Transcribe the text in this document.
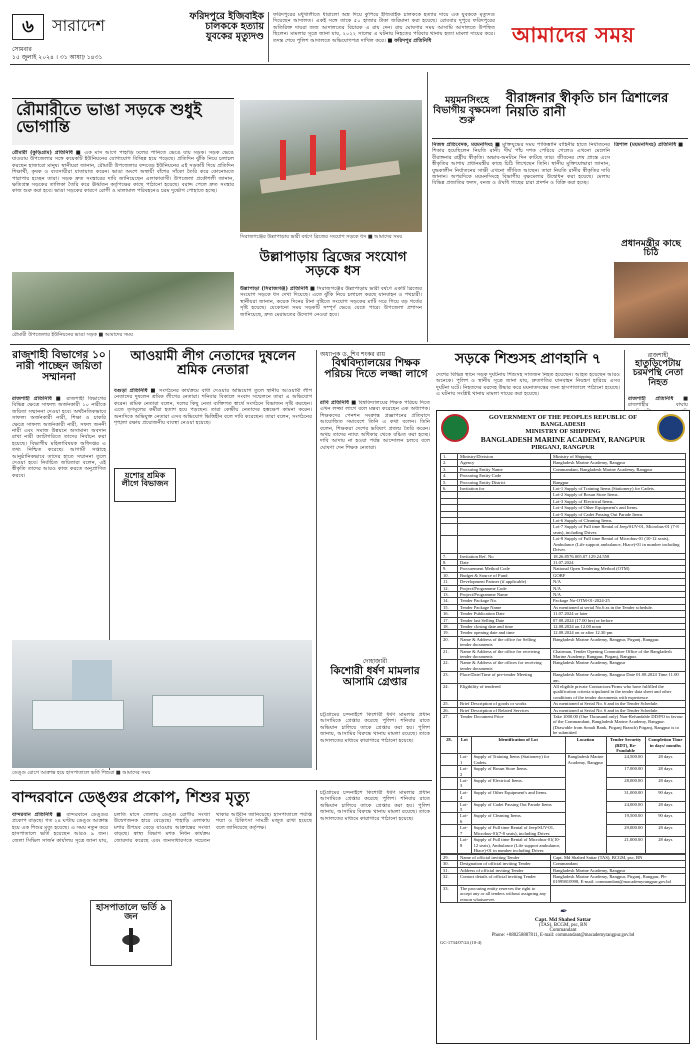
৬ সারাদেশ
সোমবার
১৫ জুলাই ২০২৪ । ৩১ আষাঢ় ১৪৩১
ফরিদপুরে ইজিবাইক চালককে হত্যায় যুবকের মৃত্যুদণ্ড
ফরিদপুরের মধুখালীতে ধারালো অস্ত্র দিয়ে কুপিয়ে ইজিবাইক চালককে হত্যার দায়ে এক যুবককে মৃত্যুদণ্ড দিয়েছেন আদালত। একই সঙ্গে তাকে ৫০ হাজার টাকা জরিমানা করা হয়েছে। রোববার দুপুরে ফরিদপুরের অতিরিক্ত দায়রা জজ আদালতের বিচারক এ রায় দেন। রায় ঘোষণার সময় আসামি আদালতে উপস্থিত ছিলেন। মামলার সূত্রে জানা যায়, ২০২২ সালের এ ঘটনায় নিহতের পরিবার থানায় হত্যা মামলা দায়ের করে। তদন্ত শেষে পুলিশ আদালতে অভিযোগপত্র দাখিল করে। ■ ফরিদপুর প্রতিনিধি	আমাদের সময়
রৌমারীতে ভাঙা সড়কে শুধুই ভোগান্তি
রৌমারী (কুড়িগ্রাম) প্রতিনিধি ■ এক মাস আগে পাহাড়ি ঢলের পানিতে ভেঙে যায় সড়ক। সড়ক ভেঙে যাওয়ায় উপজেলার সঙ্গে কয়েকটি ইউনিয়নের যোগাযোগ বিচ্ছিন্ন হয়ে পড়েছে। প্রতিদিন ঝুঁকি নিয়ে চলাচল করছেন হাজারো মানুষ। স্থানীয়রা জানান, রৌমারী উপজেলার বন্দবেড় ইউনিয়নের এই সড়কটি দিয়ে প্রতিদিন শিক্ষার্থী, কৃষক ও ব্যবসায়ীরা যাতায়াত করেন। ভাঙা অংশে অস্থায়ী বাঁশের সাঁকো তৈরি করে কোনোমতে পারাপার হচ্ছেন তারা। সড়ক দ্রুত সংস্কারের দাবি জানিয়েছেন এলাকাবাসী। উপজেলা প্রকৌশলী জানান, ক্ষতিগ্রস্ত সড়কের তালিকা তৈরি করে ঊর্ধ্বতন কর্তৃপক্ষের কাছে পাঠানো হয়েছে। বরাদ্দ পেলে দ্রুত সংস্কার কাজ শুরু করা হবে। ভাঙা সড়কের কারণে রোগী ও মালামাল পরিবহনেও চরম দুর্ভোগ পোহাতে হচ্ছে।
রৌমারী উপজেলার ইউনিয়নের ভাঙা সড়ক ■ আমাদের সময়
সিরাজগঞ্জের উল্লাপাড়ায় ভারী বর্ষণে ব্রিজের সংযোগ সড়কে ধস ■ আমাদের সময়
উল্লাপাড়ায় ব্রিজের সংযোগ সড়কে ধস
উল্লাপাড়া (সিরাজগঞ্জ) প্রতিনিধি ■ সিরাজগঞ্জের উল্লাপাড়ায় ভারী বর্ষণে একটি ব্রিজের সংযোগ সড়কে ধস দেখা দিয়েছে। এতে ঝুঁকি নিয়ে চলাচল করছে যানবাহন ও পথচারী। স্থানীয়রা জানান, কয়েক দিনের টানা বৃষ্টিতে সংযোগ সড়কের মাটি সরে গিয়ে বড় গর্তের সৃষ্টি হয়েছে। যেকোনো সময় সড়কটি সম্পূর্ণ ভেঙে যেতে পারে। উপজেলা প্রশাসন জানিয়েছে, দ্রুত মেরামতের উদ্যোগ নেওয়া হবে।
ময়মনসিংহে বিভাগীয় বৃক্ষমেলা শুরু
বীরাঙ্গনার স্বীকৃতি চান ত্রিশালের নিয়তি রানী
নিজস্ব প্রতিবেদক, ময়মনসিংহ ■ মুক্তিযুদ্ধের সময় পাকিস্তানি বাহিনীর হাতে নির্যাতনের শিকার হয়েছিলেন নিয়তি রানী। দীর্ঘ পাঁচ দশক পেরিয়ে গেলেও এখনো মেলেনি বীরাঙ্গনার রাষ্ট্রীয় স্বীকৃতি। অভাব-অনটনে দিন কাটছে তার। জীবনের শেষ প্রান্তে এসে স্বীকৃতির আশায় প্রধানমন্ত্রীর কাছে চিঠি লিখেছেন তিনি। স্থানীয় মুক্তিযোদ্ধারা জানান, যুদ্ধকালীন নির্যাতনের সাক্ষী এখনো জীবিত আছেন। তারা নিয়তি রানীর স্বীকৃতির দাবি জানান। অপরদিকে ময়মনসিংহে বিভাগীয় বৃক্ষমেলার উদ্বোধন করা হয়েছে। মেলায় বিভিন্ন প্রজাতির ফলদ, বনজ ও ঔষধি গাছের চারা প্রদর্শন ও বিক্রি করা হচ্ছে।
ত্রিশাল (ময়মনসিংহ) প্রতিনিধি ■
প্রধানমন্ত্রীর কাছে চিঠি
রাজশাহী বিভাগের ১০ নারী পাচ্ছেন জয়িতা সম্মাননা
রাজশাহী প্রতিনিধি ■ রাজশাহী বিভাগের বিভিন্ন ক্ষেত্রে সাফল্য অর্জনকারী ১০ নারীকে জয়িতা সম্মাননা দেওয়া হবে। অর্থনৈতিকভাবে সাফল্য অর্জনকারী নারী, শিক্ষা ও চাকরি ক্ষেত্রে সাফল্য অর্জনকারী নারী, সফল জননী নারী এবং সমাজ উন্নয়নে অসামান্য অবদান রাখা নারী ক্যাটাগরিতে তাদের নির্বাচন করা হয়েছে। বিভাগীয় মহিলাবিষয়ক অধিদপ্তর এ তথ্য নিশ্চিত করেছে। আগামী সপ্তাহে আনুষ্ঠানিকভাবে তাদের হাতে সম্মাননা তুলে দেওয়া হবে। নির্বাচিত জয়িতারা বলেন, এই স্বীকৃতি তাদের আরও কাজ করতে অনুপ্রাণিত করবে।
আওয়ামী লীগ নেতাদের দুষলেন শ্রমিক নেতারা
বগুড়া প্রতিনিধি ■ সংগঠনের কার্যক্রমে বাধা দেওয়ার অভিযোগ তুলে স্থানীয় আওয়ামী লীগ নেতাদের দুষলেন শ্রমিক লীগের নেতারা। শনিবার বিকালে সংবাদ সম্মেলনে তারা এ অভিযোগ করেন। শ্রমিক নেতারা বলেন, দলের কিছু নেতা ব্যক্তিগত স্বার্থে সংগঠনে বিভাজন সৃষ্টি করছেন। এতে তৃণমূলের কর্মীরা হতাশ হয়ে পড়ছেন। তারা কেন্দ্রীয় নেতাদের হস্তক্ষেপ কামনা করেন। অন্যদিকে অভিযুক্ত নেতারা এসব অভিযোগ ভিত্তিহীন বলে দাবি করেছেন। তারা বলেন, সংগঠনের শৃঙ্খলা রক্ষায় প্রয়োজনীয় ব্যবস্থা নেওয়া হয়েছে।
যশোর শ্রমিক লীগে বিভাজন
অধ্যাপক ড. শিব শংকর রায়
বিশ্ববিদ্যালয়ের শিক্ষক পরিচয় দিতে লজ্জা লাগে
রাবি প্রতিনিধি ■ বিশ্ববিদ্যালয়ের শিক্ষক পরিচয় দিতে এখন লজ্জা লাগে বলে মন্তব্য করেছেন এক অধ্যাপক। শিক্ষকদের পেনশন সংক্রান্ত প্রজ্ঞাপনের প্রতিবাদে আয়োজিত সমাবেশে তিনি এ কথা বলেন। তিনি বলেন, শিক্ষকরা দেশের ভবিষ্যৎ প্রজন্ম তৈরি করেন। অথচ তাদের ন্যায্য অধিকার থেকে বঞ্চিত করা হচ্ছে। দাবি আদায় না হওয়া পর্যন্ত আন্দোলন চলবে বলে ঘোষণা দেন শিক্ষক নেতারা।
সড়কে শিশুসহ প্রাণহানি ৭
দেশের বিভিন্ন স্থানে সড়ক দুর্ঘটনায় শিশুসহ সাতজন নিহত হয়েছেন। আহত হয়েছেন আরও অনেকে। পুলিশ ও স্থানীয় সূত্রে জানা যায়, দ্রুতগতির যানবাহন নিয়ন্ত্রণ হারিয়ে এসব দুর্ঘটনা ঘটে। নিহতদের মরদেহ উদ্ধার করে ময়নাতদন্তের জন্য হাসপাতালে পাঠানো হয়েছে। এ ঘটনায় সংশ্লিষ্ট থানায় মামলা দায়ের করা হয়েছে।
রাজশাহী
হাতুড়িপেটায় চরমপন্থি নেতা নিহত
রাজশাহী প্রতিনিধি ■ রাজশাহীর বাঘায়
GOVERNMENT OF THE PEOPLES REPUBLIC OF BANGLADESH
MINISTRY OF SHIPPING
BANGLADESH MARINE ACADEMY, RANGPUR
PIRGANJ, RANGPUR
1.	Ministry/Division	Ministry of Shipping
2.	Agency	Bangladesh Marine Academy, Rangpur
3.	Procuring Entity Name	Commandant, Bangladesh Marine Academy, Rangpur
4.	Procuring Entity Code	
5.	Procuring Entity District	Rangpur
6.	Invitation for	Lot-1 Supply of Training Items (Stationery) for Cadets.
		Lot-2 Supply of Bosun Store Items.
		Lot-3 Supply of Electrical Items.
		Lot-4 Supply of Other Equipment's and Items.
		Lot-5 Supply of Cadet Passing Out Parade Items
		Lot-6 Supply of Cleaning Items.
		Lot-7 Supply of Full time Rental of Jeep/SUV-01, Microbus-01 (7-8 seats), including Driver.
		Lot-8 Supply of Full time Rental of Microbus-01 (10-12 seats), Ambulance (Life support ambulance, Hiace)-01 in number including Driver.
7.	Invitation Ref. No	18.26.8576.005.07.129.24.558
8.	Date	11.07.2024
9.	Procurement Method Code	National Open Tendering Method (OTM)
10.	Budget & Source of Fund	GOBF
11.	Development Partner (if applicable)	N/A
12.	Project/Programme Code	N/A
13.	Project/Programme Name	N/A
14.	Tender Package No.	Package No-OTM-01-2024-25
15.	Tender Package Name	As mentioned at serial No.6 as in the Tender schedule.
16.	Tender Publication Date	11.07.2024 or later
17.	Tender last Selling Date	07.08.2024 (17.00 hrs) or before
18.	Tender closing date and time	12.08.2024 on 12.00 noon
19.	Tender opening date and time	12.08.2024 on or after 12.30 pm
20.	Name & Address of the office for Selling tender documents	Bangladesh Marine Academy, Rangpur, Pirganj, Rangpur.
21.	Name & Address of the office for receiving tender documents	Chairman, Tender Opening Committee Office of the Bangladesh Marine Academy, Rangpur, Pirganj, Rangpur.
22.	Name & Address of the offices for receiving tender documents	Bangladesh Marine Academy, Rangpur
23.	Place/Date/Time of pre-tender Meeting	Bangladesh Marine Academy, Rangpur Date 01.08.2024 Time 11.00 am.
24.	Eligibility of tendered	All eligible private Contractors/Firms who have fulfilled the qualification criteria stipulated in the tender data sheet and other conditions of the tender documents with experience
25.	Brief Description of goods or works	As mentioned at Serial No. 6 and in the Tender Schedule.
26.	Brief Description of Related Services	As mentioned at Serial No. 6 and in the Tender Schedule.
27.	Tender Document Price	Take 1000.00 (One Thousand only) Non-Refundable DD/PO in favour of the Commandant, Bangladesh Marine Academy, Rangpur. (Drawable from Sonali Bank, Pirganj Branch) Pirganj, Rangpur is to be submitted
28.	Lot	Identification of Lot	Location	Tender Security (BDT), Re-Fundable	Completion Time in days/ months
	Lot-1	Supply of Training Items (Stationery) for Cadets.	Bangladesh Marine Academy, Rangpur	24,500.00	28 days
	Lot-2	Supply of Bosun Store Items.		17,000.00	28 days
	Lot-3	Supply of Electrical Items.		28,000.00	28 days
	Lot-4	Supply of Other Equipment's and Items.		31,000.00	90 days
	Lot-5	Supply of Cadet Passing Out Parade Items		24,000.00	28 days
	Lot-6	Supply of Cleaning Items.		19,500.00	90 days
	Lot-7	Supply of Full time Rental of Jeep/SUV-01, Microbus-01(7-8 seats), including Driver.		29,000.00	28 days
	Lot-8	Supply of Full time Rental of Microbus-01(10-12 seats), Ambulance (Life support ambulance, Hiace)-01 in number including Driver.		21,000.00	28 days
29.	Name of official inviting Tender	Capt. Md Shahed Sattar (TAS), BCGM, psc, BN
30.	Designation of official inviting Tender	Commandant
31.	Address of official inviting Tender	Bangladesh Marine Academy, Rangpur
32.	Contact details of official inviting Tender	Bangladesh Marine Academy, Rangpur, Pirganj, Rangpur, Ph-01999810998, E-mail: commandant@macademyrangpur.gov.bd
33.	The procuring entity reserves the right to accept any or all tenders without assigning any reason whatsoever.	
✒
Capt. Md Shahed Sattar
(TAS), BCGM, psc, BN
Commandant
Phone: +880258887811, E-mail: commandant@macademyrangpur.gov.bd
GC-1734/07/24 (10-4)
ডেঙ্গু রোগে আক্রান্ত হয়ে হাসপাতালে ভর্তি শিশুরা ■ আমাদের সময়
দোহাজারী
কিশোরী ধর্ষণ মামলার আসামি গ্রেপ্তার
চট্টগ্রামের চন্দনাইশে কিশোরী ধর্ষণ মামলার প্রধান আসামিকে গ্রেপ্তার করেছে পুলিশ। শনিবার রাতে অভিযান চালিয়ে তাকে গ্রেপ্তার করা হয়। পুলিশ জানায়, আসামির বিরুদ্ধে থানায় মামলা রয়েছে। তাকে আদালতের মাধ্যমে কারাগারে পাঠানো হয়েছে।
বান্দরবানে ডেঙ্গুর প্রকোপ, শিশুর মৃত্যু
বান্দরবান প্রতিনিধি ■ বান্দরবানে ডেঙ্গুর প্রকোপ বাড়ছে। গত ২৪ ঘণ্টায় ডেঙ্গু আক্রান্ত হয়ে এক শিশুর মৃত্যু হয়েছে। এ সময় নতুন করে হাসপাতালে ভর্তি হয়েছেন আরও ৯ জন। জেলা সিভিল সার্জন কার্যালয় সূত্রে জানা যায়, চলতি মাসে জেলায় ডেঙ্গু রোগীর সংখ্যা উদ্বেগজনক হারে বেড়েছে। পাহাড়ি এলাকায় মশার উপদ্রব বেড়ে যাওয়ায় আক্রান্তের সংখ্যা বাড়ছে। স্বাস্থ্য বিভাগ মশক নিধন কার্যক্রম জোরদার করেছে এবং জনসাধারণকে সচেতন থাকার আহ্বান জানিয়েছে। হাসপাতালে পর্যাপ্ত শয্যা ও চিকিৎসা সামগ্রী মজুত রাখা হয়েছে বলে জানিয়েছে কর্তৃপক্ষ।
হাসপাতালে ভর্তি ৯ জন
চট্টগ্রামের চন্দনাইশে কিশোরী ধর্ষণ মামলার প্রধান আসামিকে গ্রেপ্তার করেছে পুলিশ। শনিবার রাতে অভিযান চালিয়ে তাকে গ্রেপ্তার করা হয়। পুলিশ জানায়, আসামির বিরুদ্ধে থানায় মামলা রয়েছে। তাকে আদালতের মাধ্যমে কারাগারে পাঠানো হয়েছে।
